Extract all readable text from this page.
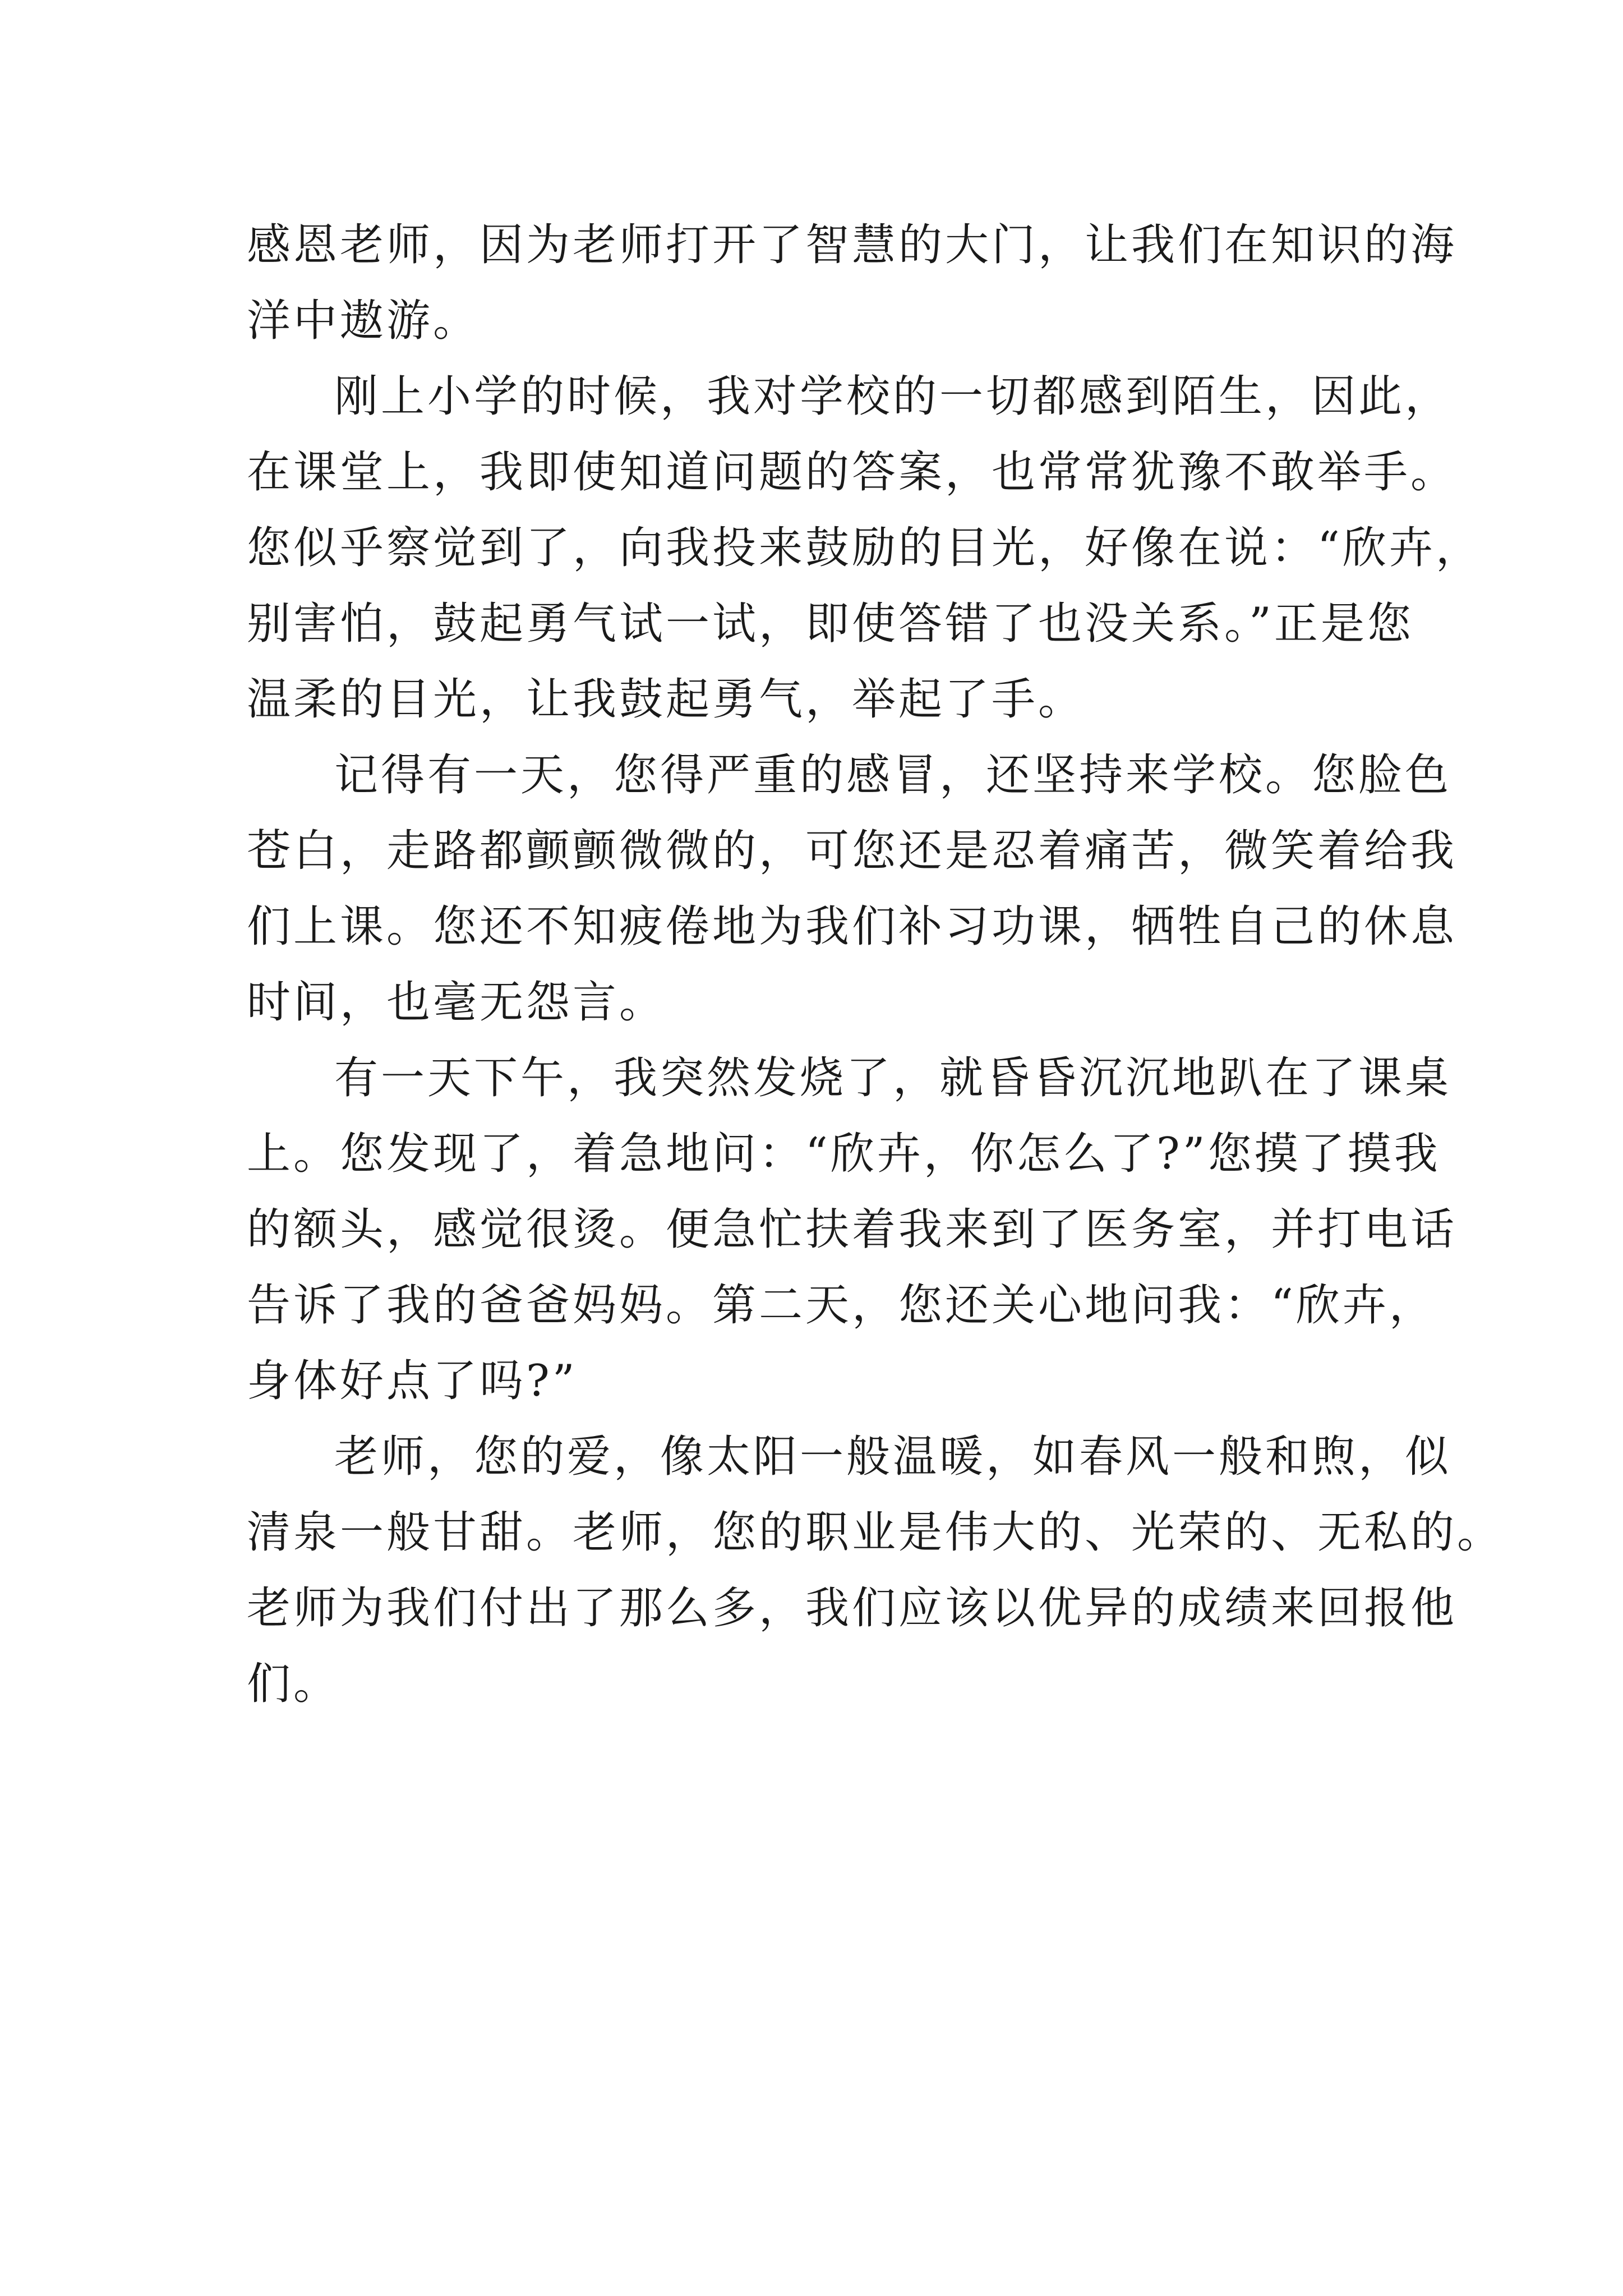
感恩老师，因为老师打开了智慧的大门，让我们在知识的海
洋中遨游。
刚上小学的时候，我对学校的一切都感到陌生，因此，
在课堂上，我即使知道问题的答案，也常常犹豫不敢举手。
您似乎察觉到了，向我投来鼓励的目光，好像在说：“欣卉，
别害怕，鼓起勇气试一试，即使答错了也没关系。”正是您
温柔的目光，让我鼓起勇气，举起了手。
记得有一天，您得严重的感冒，还坚持来学校。您脸色
苍白，走路都颤颤微微的，可您还是忍着痛苦，微笑着给我
们上课。您还不知疲倦地为我们补习功课，牺牲自己的休息
时间，也毫无怨言。
有一天下午，我突然发烧了，就昏昏沉沉地趴在了课桌
上。您发现了，着急地问：“欣卉，你怎么了?”您摸了摸我
的额头，感觉很烫。便急忙扶着我来到了医务室，并打电话
告诉了我的爸爸妈妈。第二天，您还关心地问我：“欣卉，
身体好点了吗?”
老师，您的爱，像太阳一般温暖，如春风一般和煦，似
清泉一般甘甜。老师，您的职业是伟大的、光荣的、无私的。
老师为我们付出了那么多，我们应该以优异的成绩来回报他
们。
